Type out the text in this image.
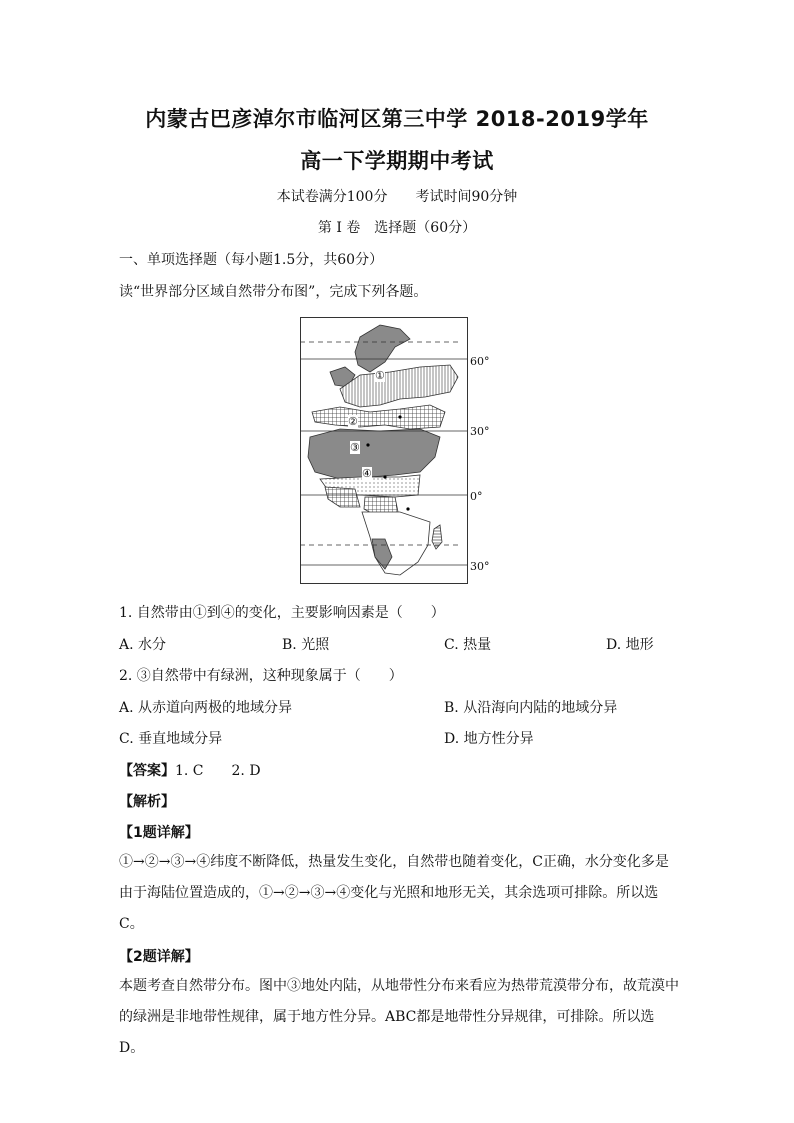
内蒙古巴彦淖尔市临河区第三中学 2018-2019学年
高一下学期期中考试
本试卷满分100分　　考试时间90分钟
第 I 卷　选择题（60分）
一、单项选择题（每小题1.5分，共60分）
读“世界部分区域自然带分布图”，完成下列各题。
60°
30°
0°
30°
①
②
③
④
1. 自然带由①到④的变化，主要影响因素是（　　）
A. 水分	B. 光照	C. 热量	D. 地形
2. ③自然带中有绿洲，这种现象属于（　　）
A. 从赤道向两极的地域分异	B. 从沿海向内陆的地域分异
C. 垂直地域分异	D. 地方性分异
【答案】1. C　　2. D
【解析】
【1题详解】
①→②→③→④纬度不断降低，热量发生变化，自然带也随着变化，C正确，水分变化多是由于海陆位置造成的，①→②→③→④变化与光照和地形无关，其余选项可排除。所以选C。
【2题详解】
本题考查自然带分布。图中③地处内陆，从地带性分布来看应为热带荒漠带分布，故荒漠中的绿洲是非地带性规律，属于地方性分异。ABC都是地带性分异规律，可排除。所以选D。
